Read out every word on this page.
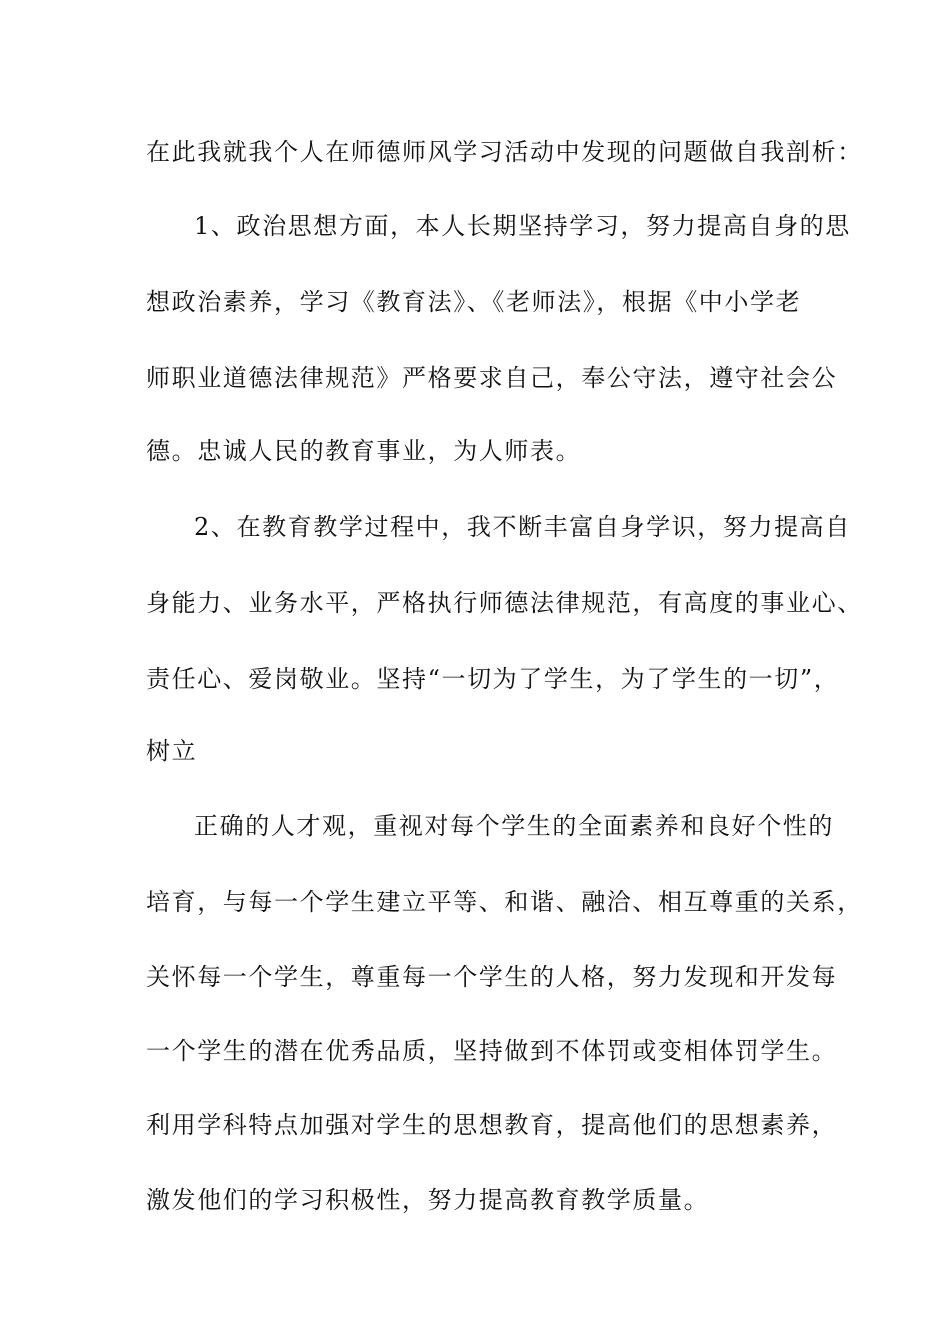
在此我就我个人在师德师风学习活动中发现的问题做自我剖析：
1、政治思想方面，本人长期坚持学习，努力提高自身的思
想政治素养，学习《教育法》、《老师法》，根据《中小学老
师职业道德法律规范》严格要求自己，奉公守法，遵守社会公
德。忠诚人民的教育事业，为人师表。
2、在教育教学过程中，我不断丰富自身学识，努力提高自
身能力、业务水平，严格执行师德法律规范，有高度的事业心、
责任心、爱岗敬业。坚持“一切为了学生，为了学生的一切”，
树立
正确的人才观，重视对每个学生的全面素养和良好个性的
培育，与每一个学生建立平等、和谐、融洽、相互尊重的关系，
关怀每一个学生，尊重每一个学生的人格，努力发现和开发每
一个学生的潜在优秀品质，坚持做到不体罚或变相体罚学生。
利用学科特点加强对学生的思想教育，提高他们的思想素养，
激发他们的学习积极性，努力提高教育教学质量。
